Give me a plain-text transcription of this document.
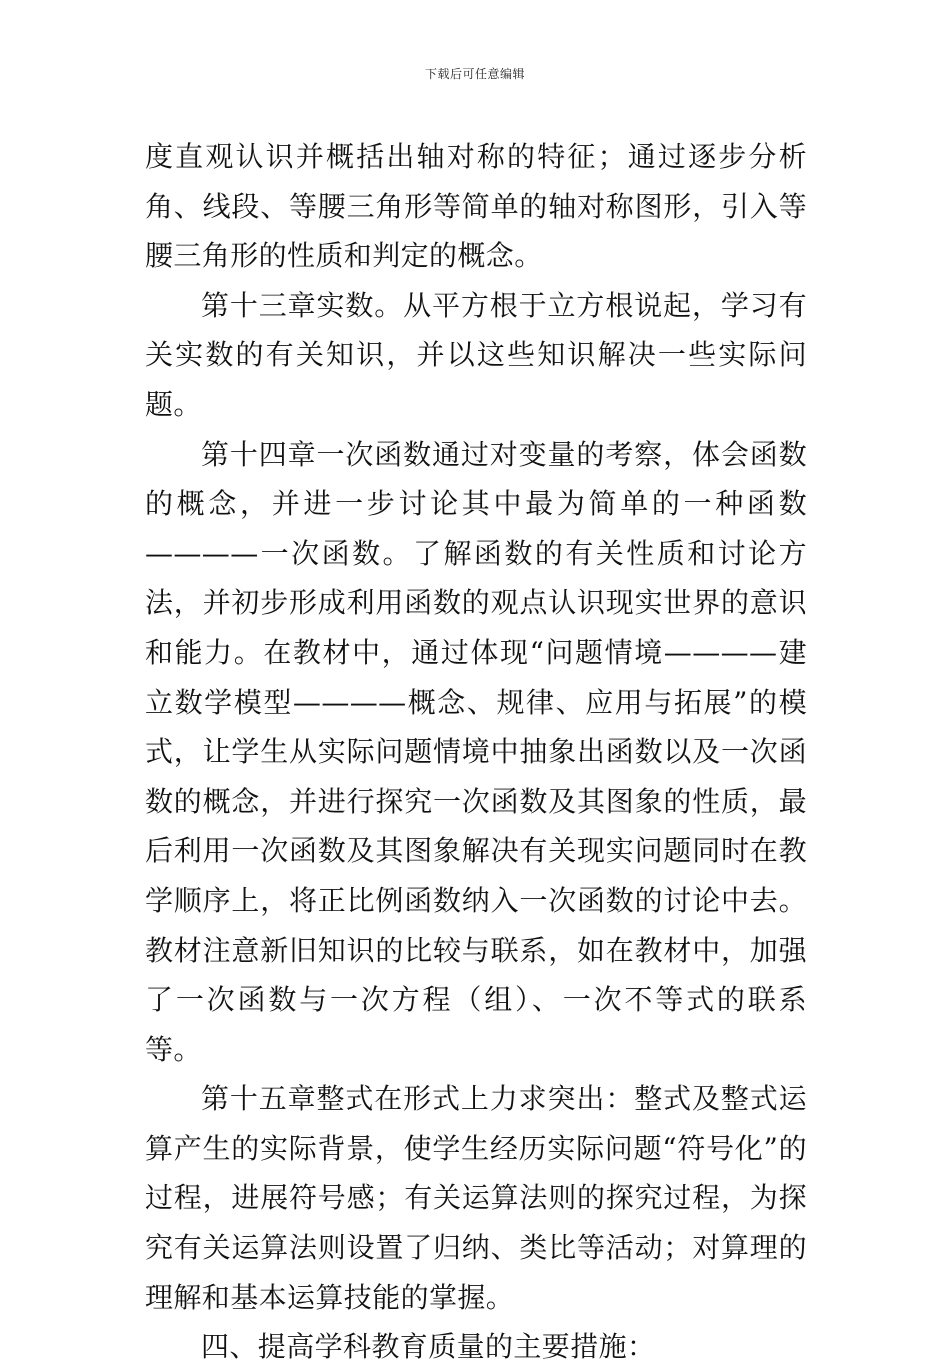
下载后可任意编辑

度直观认识并概括出轴对称的特征；通过逐步分析角、线段、等腰三角形等简单的轴对称图形，引入等腰三角形的性质和判定的概念。

第十三章实数。从平方根于立方根说起，学习有关实数的有关知识，并以这些知识解决一些实际问题。

第十四章一次函数通过对变量的考察，体会函数的概念，并进一步讨论其中最为简单的一种函数————一次函数。了解函数的有关性质和讨论方法，并初步形成利用函数的观点认识现实世界的意识和能力。在教材中，通过体现“问题情境————建立数学模型————概念、规律、应用与拓展”的模式，让学生从实际问题情境中抽象出函数以及一次函数的概念，并进行探究一次函数及其图象的性质，最后利用一次函数及其图象解决有关现实问题同时在教学顺序上，将正比例函数纳入一次函数的讨论中去。教材注意新旧知识的比较与联系，如在教材中，加强了一次函数与一次方程（组）、一次不等式的联系等。

第十五章整式在形式上力求突出：整式及整式运算产生的实际背景，使学生经历实际问题“符号化”的过程，进展符号感；有关运算法则的探究过程，为探究有关运算法则设置了归纳、类比等活动；对算理的理解和基本运算技能的掌握。

四、提高学科教育质量的主要措施：
